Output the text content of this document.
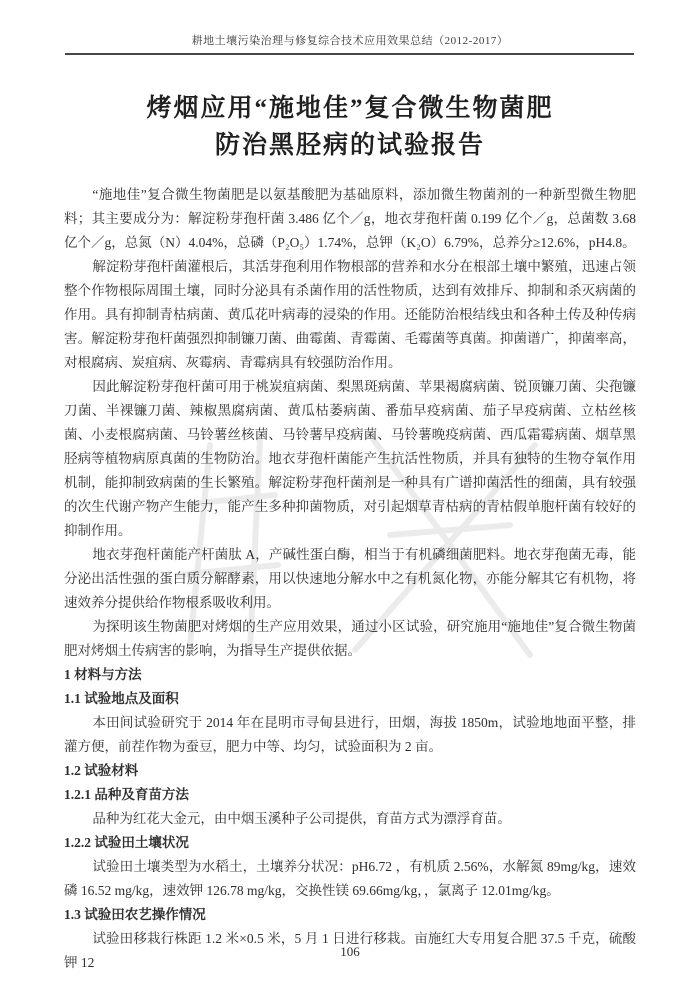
耕地土壤污染治理与修复综合技术应用效果总结（2012-2017）
烤烟应用“施地佳”复合微生物菌肥
防治黑胫病的试验报告

“施地佳”复合微生物菌肥是以氨基酸肥为基础原料，添加微生物菌剂的一种新型微生物肥料；其主要成分为：解淀粉芽孢杆菌 3.486 亿个／g，地衣芽孢杆菌 0.199 亿个／g，总菌数 3.68 亿个／g，总氮（N）4.04%，总磷（P₂O₅）1.74%，总钾（K₂O）6.79%，总养分≥12.6%，pH4.8。

解淀粉芽孢杆菌灌根后，其活芽孢利用作物根部的营养和水分在根部土壤中繁殖，迅速占领整个作物根际周围土壤，同时分泌具有杀菌作用的活性物质，达到有效排斥、抑制和杀灭病菌的作用。具有抑制青枯病菌、黄瓜花叶病毒的浸染的作用。还能防治根结线虫和各种土传及种传病害。解淀粉芽孢杆菌强烈抑制镰刀菌、曲霉菌、青霉菌、毛霉菌等真菌。抑菌谱广，抑菌率高，对根腐病、炭疽病、灰霉病、青霉病具有较强防治作用。

因此解淀粉芽孢杆菌可用于桃炭疽病菌、梨黑斑病菌、苹果褐腐病菌、锐顶镰刀菌、尖孢镰刀菌、半裸镰刀菌、辣椒黑腐病菌、黄瓜枯萎病菌、番茄早疫病菌、茄子早疫病菌、立枯丝核菌、小麦根腐病菌、马铃薯丝核菌、马铃薯早疫病菌、马铃薯晚疫病菌、西瓜霜霉病菌、烟草黑胫病等植物病原真菌的生物防治。地衣芽孢杆菌能产生抗活性物质，并具有独特的生物夺氧作用机制，能抑制致病菌的生长繁殖。解淀粉芽孢杆菌剂是一种具有广谱抑菌活性的细菌，具有较强的次生代谢产物产生能力，能产生多种抑菌物质，对引起烟草青枯病的青枯假单胞杆菌有较好的抑制作用。

地衣芽孢杆菌能产杆菌肽 A，产碱性蛋白酶，相当于有机磷细菌肥料。地衣芽孢菌无毒，能分泌出活性强的蛋白质分解酵素，用以快速地分解水中之有机氮化物，亦能分解其它有机物，将速效养分提供给作物根系吸收利用。

为探明该生物菌肥对烤烟的生产应用效果，通过小区试验，研究施用“施地佳”复合微生物菌肥对烤烟土传病害的影响，为指导生产提供依据。

1 材料与方法

1.1 试验地点及面积

本田间试验研究于 2014 年在昆明市寻甸县进行，田烟，海拔 1850m，试验地地面平整，排灌方便，前茬作物为蚕豆，肥力中等、均匀，试验面积为 2 亩。

1.2 试验材料

1.2.1 品种及育苗方法

品种为红花大金元，由中烟玉溪种子公司提供，育苗方式为漂浮育苗。

1.2.2 试验田土壤状况

试验田土壤类型为水稻土，土壤养分状况：pH6.72 ，有机质 2.56%，水解氮 89mg/kg，速效磷 16.52 mg/kg，速效钾 126.78 mg/kg，交换性镁 69.66mg/kg，，氯离子 12.01mg/kg。

1.3 试验田农艺操作情况

试验田移栽行株距 1.2 米×0.5 米，5 月 1 日进行移栽。亩施红大专用复合肥 37.5 千克，硫酸钾 12

106
